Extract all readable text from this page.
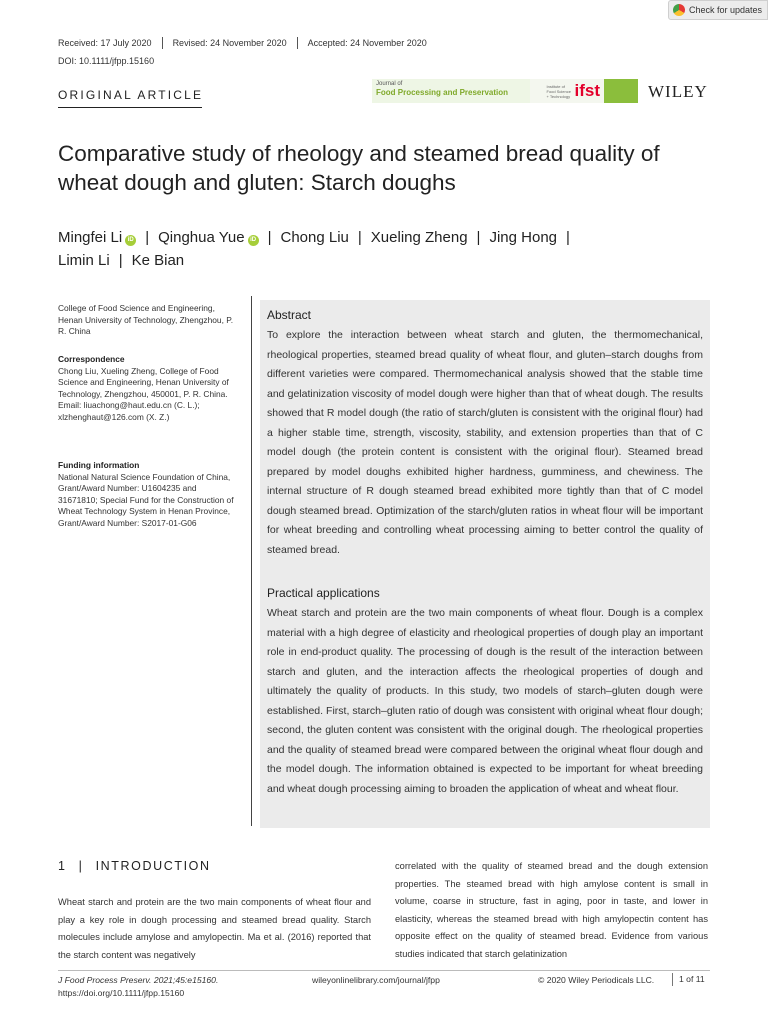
Check for updates
Received: 17 July 2020	Revised: 24 November 2020	Accepted: 24 November 2020
DOI: 10.1111/jfpp.15160
ORIGINAL ARTICLE
Journal of
Food Processing and Preservation
Institute of Food Science + Technology ifst	WILEY
Comparative study of rheology and steamed bread quality of wheat dough and gluten: Starch doughs
Mingfei Li iD | Qinghua Yue iD | Chong Liu | Xueling Zheng | Jing Hong |
Limin Li | Ke Bian
College of Food Science and Engineering, Henan University of Technology, Zhengzhou, P. R. China
Correspondence
Chong Liu, Xueling Zheng, College of Food Science and Engineering, Henan University of Technology, Zhengzhou, 450001, P. R. China.
Email: liuachong@haut.edu.cn (C. L.); xlzhenghaut@126.com (X. Z.)
Funding information
National Natural Science Foundation of China, Grant/Award Number: U1604235 and 31671810; Special Fund for the Construction of Wheat Technology System in Henan Province, Grant/Award Number: S2017-01-G06
Abstract
To explore the interaction between wheat starch and gluten, the thermomechanical, rheological properties, steamed bread quality of wheat flour, and gluten–starch doughs from different varieties were compared. Thermomechanical analysis showed that the stable time and gelatinization viscosity of model dough were higher than that of wheat dough. The results showed that R model dough (the ratio of starch/gluten is consistent with the original flour) had a higher stable time, strength, viscosity, stability, and extension properties than that of C model dough (the protein content is consistent with the original flour). Steamed bread prepared by model doughs exhibited higher hardness, gumminess, and chewiness. The internal structure of R dough steamed bread exhibited more tightly than that of C model dough steamed bread. Optimization of the starch/gluten ratios in wheat flour will be important for wheat breeding and controlling wheat processing aiming to better control the quality of steamed bread.
Practical applications
Wheat starch and protein are the two main components of wheat flour. Dough is a complex material with a high degree of elasticity and rheological properties of dough play an important role in end-product quality. The processing of dough is the result of the interaction between starch and gluten, and the interaction affects the rheological properties of dough and ultimately the quality of products. In this study, two models of starch–gluten dough were established. First, starch–gluten ratio of dough was consistent with original wheat flour dough; second, the gluten content was consistent with the original dough. The rheological properties and the quality of steamed bread were compared between the original wheat flour dough and the model dough. The information obtained is expected to be important for wheat breeding and wheat dough processing aiming to broaden the application of wheat and wheat flour.
1 | INTRODUCTION
Wheat starch and protein are the two main components of wheat flour and play a key role in dough processing and steamed bread quality. Starch molecules include amylose and amylopectin. Ma et al. (2016) reported that the starch content was negatively
correlated with the quality of steamed bread and the dough extension properties. The steamed bread with high amylose content is small in volume, coarse in structure, fast in aging, poor in taste, and lower in elasticity, whereas the steamed bread with high amylopectin content has opposite effect on the quality of steamed bread. Evidence from various studies indicated that starch gelatinization
J Food Process Preserv. 2021;45:e15160.
https://doi.org/10.1111/jfpp.15160
wileyonlinelibrary.com/journal/jfpp	© 2020 Wiley Periodicals LLC.	1 of 11
